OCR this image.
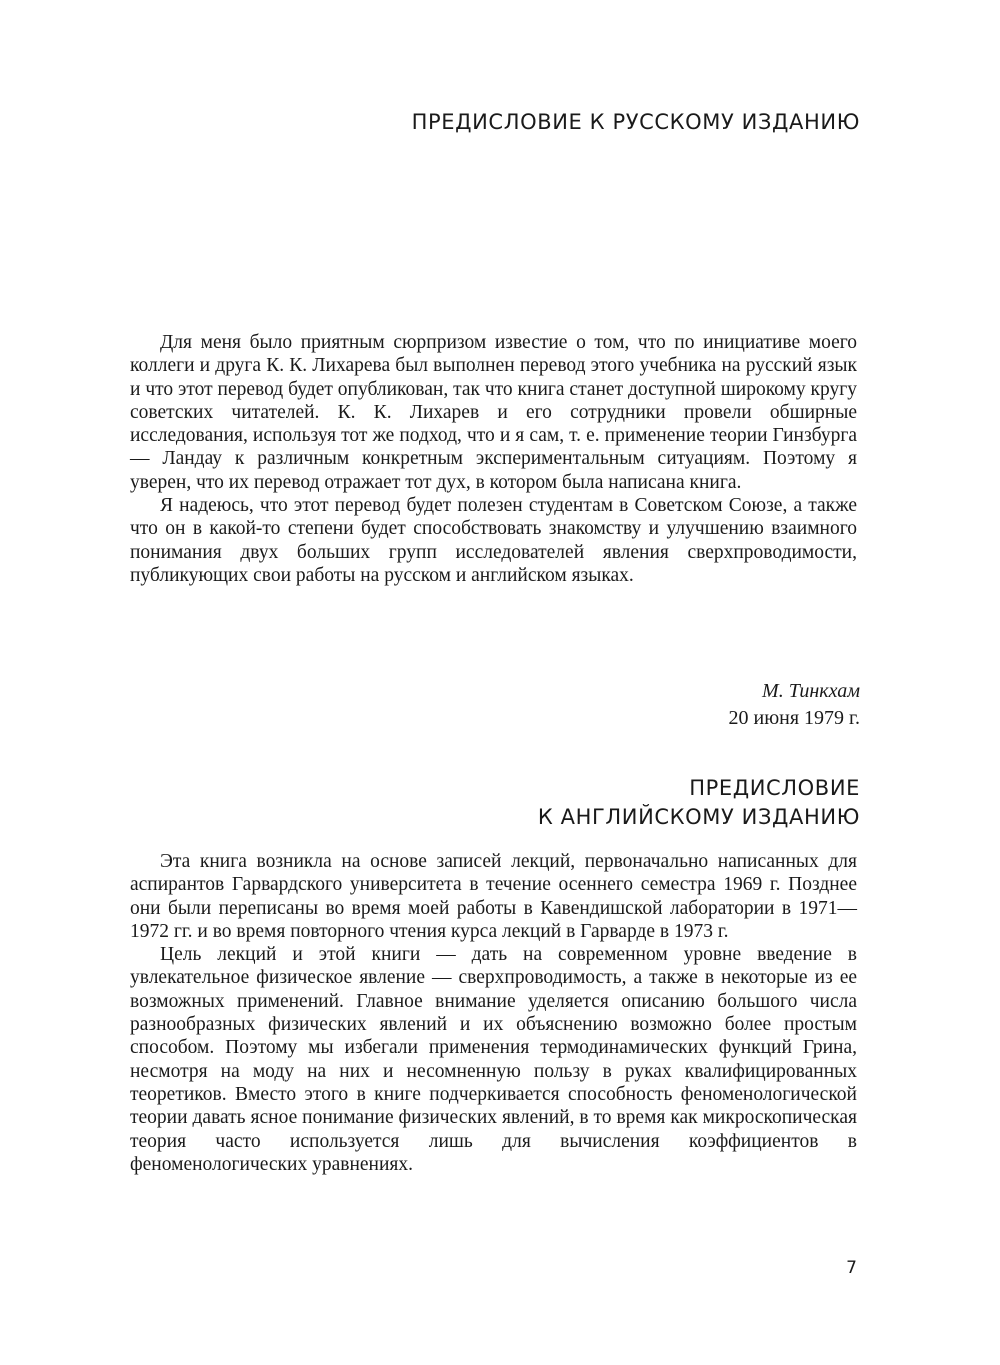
ПРЕДИСЛОВИЕ К РУССКОМУ ИЗДАНИЮ

Для меня было приятным сюрпризом известие о том, что по инициативе моего коллеги и друга К. К. Лихарева был выполнен перевод этого учебника на русский язык и что этот перевод будет опубликован, так что книга станет доступной широкому кругу советских читателей. К. К. Лихарев и его сотрудники провели обширные исследования, используя тот же подход, что и я сам, т. е. применение теории Гинзбурга — Ландау к различным конкретным экспериментальным ситуациям. Поэтому я уверен, что их перевод отражает тот дух, в котором была написана книга.

Я надеюсь, что этот перевод будет полезен студентам в Советском Союзе, а также что он в какой-то степени будет способствовать знакомству и улучшению взаимного понимания двух больших групп исследователей явления сверхпроводимости, публикующих свои работы на русском и английском языках.

М. Тинкхам
20 июня 1979 г.
ПРЕДИСЛОВИЕ
К АНГЛИЙСКОМУ ИЗДАНИЮ

Эта книга возникла на основе записей лекций, первоначально написанных для аспирантов Гарвардского университета в течение осеннего семестра 1969 г. Позднее они были переписаны во время моей работы в Кавендишской лаборатории в 1971—1972 гг. и во время повторного чтения курса лекций в Гарварде в 1973 г.

Цель лекций и этой книги — дать на современном уровне введение в увлекательное физическое явление — сверхпроводимость, а также в некоторые из ее возможных применений. Главное внимание уделяется описанию большого числа разнообразных физических явлений и их объяснению возможно более простым способом. Поэтому мы избегали применения термодинамических функций Грина, несмотря на моду на них и несомненную пользу в руках квалифицированных теоретиков. Вместо этого в книге подчеркивается способность феноменологической теории давать ясное понимание физических явлений, в то время как микроскопическая теория часто используется лишь для вычисления коэффициентов в феноменологических уравнениях.

7
